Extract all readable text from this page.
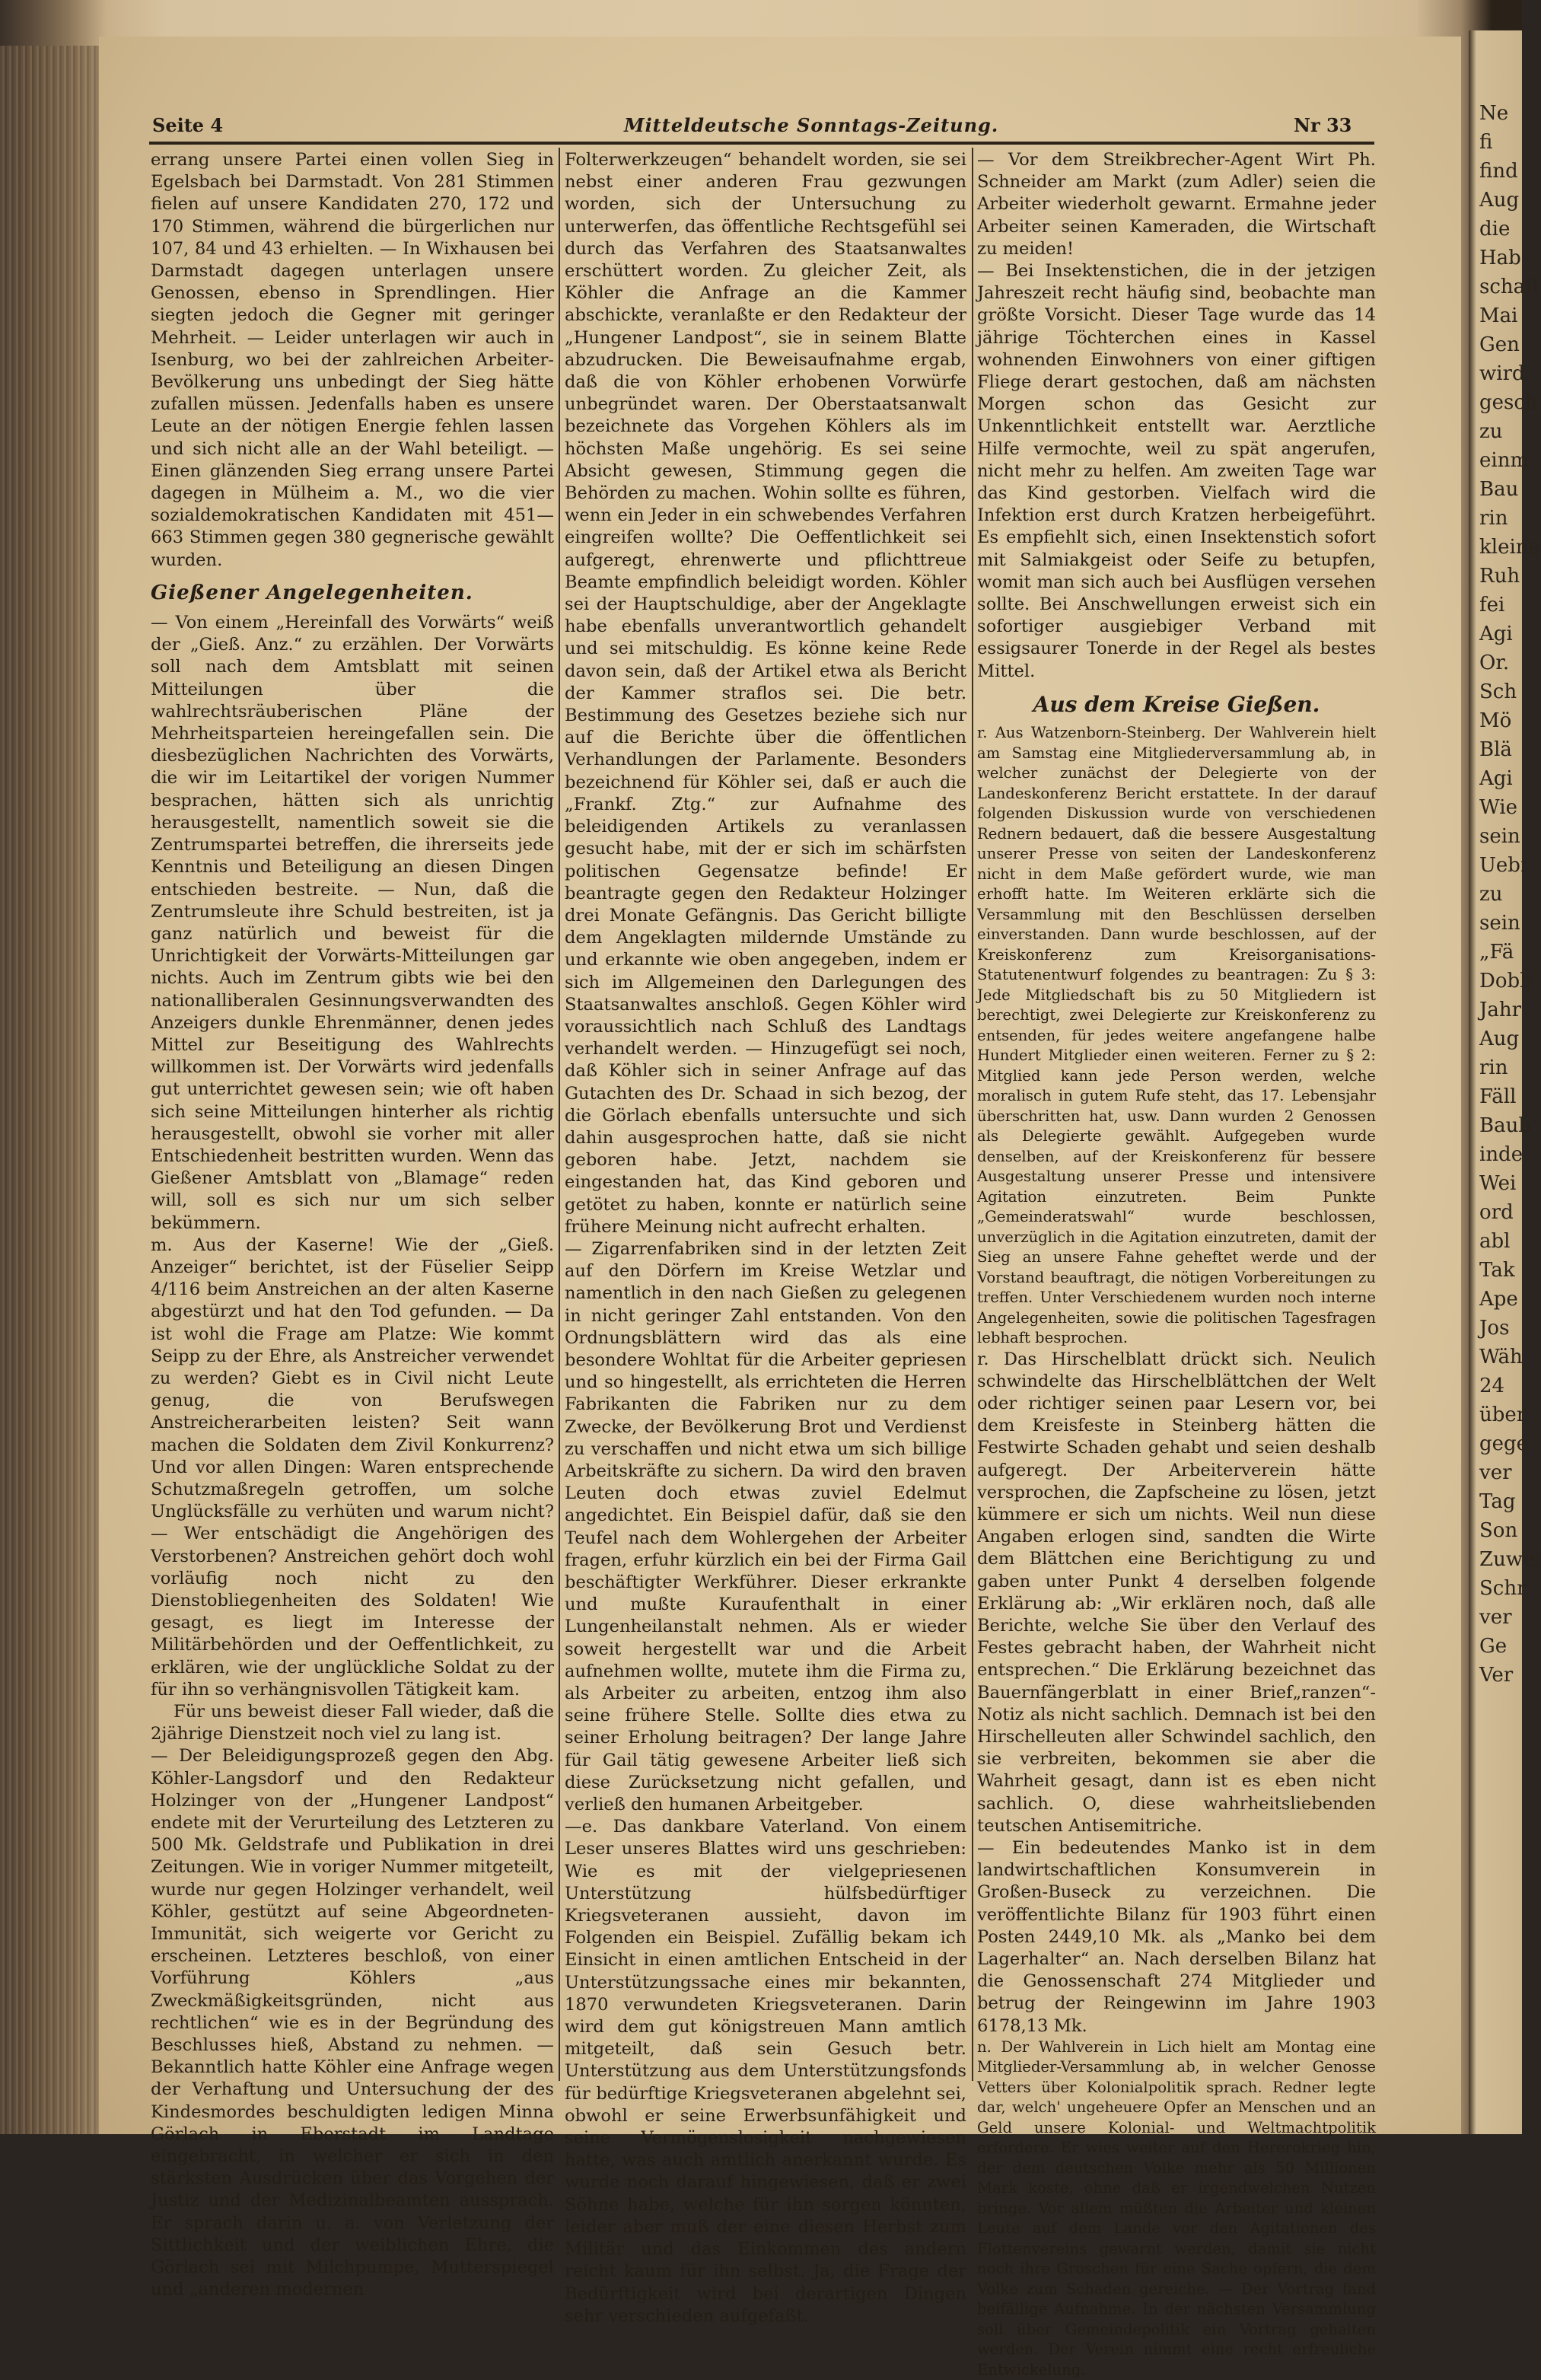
Ne
fi
find
Aug
die
Hab
schaft
Mai
Gen
wird
gesch
zu
einm
Bau
rin
kleine
Ruh
fei
Agi
Or.
Sch
Mö
Blä
Agi
Wie
sein
Uebr
zu
sein
„Fä
Dobb
Jahr
Aug
rin
Fäll
Baub
inde
Wei
ord
abl
Tak
Ape
Jos
Wäh
24
über
gege
ver
Tag
Son
Zuwei
Schr
ver
Ge
Ver
Seite 4	Mitteldeutsche Sonntags-Zeitung.	Nr 33

errang unsere Partei einen vollen Sieg in Egelsbach bei Darmstadt. Von 281 Stimmen fielen auf unsere Kandidaten 270, 172 und 170 Stimmen, während die bürgerlichen nur 107, 84 und 43 erhielten. — In Wixhausen bei Darmstadt dagegen unterlagen unsere Genossen, ebenso in Sprendlingen. Hier siegten jedoch die Gegner mit geringer Mehrheit. — Leider unterlagen wir auch in Isenburg, wo bei der zahlreichen Arbeiter-Bevölkerung uns unbedingt der Sieg hätte zufallen müssen. Jedenfalls haben es unsere Leute an der nötigen Energie fehlen lassen und sich nicht alle an der Wahl beteiligt. — Einen glänzenden Sieg errang unsere Partei dagegen in Mülheim a. M., wo die vier sozialdemokratischen Kandidaten mit 451—663 Stimmen gegen 380 gegnerische gewählt wurden.

Gießener Angelegenheiten.

— Von einem „Hereinfall des Vorwärts“ weiß der „Gieß. Anz.“ zu erzählen. Der Vorwärts soll nach dem Amtsblatt mit seinen Mitteilungen über die wahlrechtsräuberischen Pläne der Mehrheitsparteien hereingefallen sein. Die diesbezüglichen Nachrichten des Vorwärts, die wir im Leitartikel der vorigen Nummer besprachen, hätten sich als unrichtig herausgestellt, namentlich soweit sie die Zentrumspartei betreffen, die ihrerseits jede Kenntnis und Beteiligung an diesen Dingen entschieden bestreite. — Nun, daß die Zentrumsleute ihre Schuld bestreiten, ist ja ganz natürlich und beweist für die Unrichtigkeit der Vorwärts-Mitteilungen gar nichts. Auch im Zentrum gibts wie bei den nationalliberalen Gesinnungsverwandten des Anzeigers dunkle Ehrenmänner, denen jedes Mittel zur Beseitigung des Wahlrechts willkommen ist. Der Vorwärts wird jedenfalls gut unterrichtet gewesen sein; wie oft haben sich seine Mitteilungen hinterher als richtig herausgestellt, obwohl sie vorher mit aller Entschiedenheit bestritten wurden. Wenn das Gießener Amtsblatt von „Blamage“ reden will, soll es sich nur um sich selber bekümmern.

m. Aus der Kaserne! Wie der „Gieß. Anzeiger“ berichtet, ist der Füselier Seipp 4/116 beim Anstreichen an der alten Kaserne abgestürzt und hat den Tod gefunden. — Da ist wohl die Frage am Platze: Wie kommt Seipp zu der Ehre, als Anstreicher verwendet zu werden? Giebt es in Civil nicht Leute genug, die von Berufswegen Anstreicherarbeiten leisten? Seit wann machen die Soldaten dem Zivil Konkurrenz? Und vor allen Dingen: Waren entsprechende Schutzmaßregeln getroffen, um solche Unglücksfälle zu verhüten und warum nicht? — Wer entschädigt die Angehörigen des Verstorbenen? Anstreichen gehört doch wohl vorläufig noch nicht zu den Dienstobliegenheiten des Soldaten! Wie gesagt, es liegt im Interesse der Militärbehörden und der Oeffentlichkeit, zu erklären, wie der unglückliche Soldat zu der für ihn so verhängnisvollen Tätigkeit kam.

Für uns beweist dieser Fall wieder, daß die 2jährige Dienstzeit noch viel zu lang ist.

— Der Beleidigungsprozeß gegen den Abg. Köhler-Langsdorf und den Redakteur Holzinger von der „Hungener Landpost“ endete mit der Verurteilung des Letzteren zu 500 Mk. Geldstrafe und Publikation in drei Zeitungen. Wie in voriger Nummer mitgeteilt, wurde nur gegen Holzinger verhandelt, weil Köhler, gestützt auf seine Abgeordneten-Immunität, sich weigerte vor Gericht zu erscheinen. Letzteres beschloß, von einer Vorführung Köhlers „aus Zweckmäßigkeitsgründen, nicht aus rechtlichen“ wie es in der Begründung des Beschlusses hieß, Abstand zu nehmen. — Bekanntlich hatte Köhler eine Anfrage wegen der Verhaftung und Untersuchung der des Kindesmordes beschuldigten ledigen Minna Görlach in Eberstadt im Landtage eingebracht, in welcher er sich in den stärksten Ausdrücken über das Vorgehen der Justiz und der Medizinalbeamten aussprach. Er sprach darin u. a. von Verletzung der Sittlichkeit und der weiblichen Ehre, die Görlach sei mit Milchpumpe, Mutterspiegel und „anderen modernen

Folterwerkzeugen“ behandelt worden, sie sei nebst einer anderen Frau gezwungen worden, sich der Untersuchung zu unterwerfen, das öffentliche Rechtsgefühl sei durch das Verfahren des Staatsanwaltes erschüttert worden. Zu gleicher Zeit, als Köhler die Anfrage an die Kammer abschickte, veranlaßte er den Redakteur der „Hungener Landpost“, sie in seinem Blatte abzudrucken. Die Beweisaufnahme ergab, daß die von Köhler erhobenen Vorwürfe unbegründet waren. Der Oberstaatsanwalt bezeichnete das Vorgehen Köhlers als im höchsten Maße ungehörig. Es sei seine Absicht gewesen, Stimmung gegen die Behörden zu machen. Wohin sollte es führen, wenn ein Jeder in ein schwebendes Verfahren eingreifen wollte? Die Oeffentlichkeit sei aufgeregt, ehrenwerte und pflichttreue Beamte empfindlich beleidigt worden. Köhler sei der Hauptschuldige, aber der Angeklagte habe ebenfalls unverantwortlich gehandelt und sei mitschuldig. Es könne keine Rede davon sein, daß der Artikel etwa als Bericht der Kammer straflos sei. Die betr. Bestimmung des Gesetzes beziehe sich nur auf die Berichte über die öffentlichen Verhandlungen der Parlamente. Besonders bezeichnend für Köhler sei, daß er auch die „Frankf. Ztg.“ zur Aufnahme des beleidigenden Artikels zu veranlassen gesucht habe, mit der er sich im schärfsten politischen Gegensatze befinde! Er beantragte gegen den Redakteur Holzinger drei Monate Gefängnis. Das Gericht billigte dem Angeklagten mildernde Umstände zu und erkannte wie oben angegeben, indem er sich im Allgemeinen den Darlegungen des Staatsanwaltes anschloß. Gegen Köhler wird voraussichtlich nach Schluß des Landtags verhandelt werden. — Hinzugefügt sei noch, daß Köhler sich in seiner Anfrage auf das Gutachten des Dr. Schaad in sich bezog, der die Görlach ebenfalls untersuchte und sich dahin ausgesprochen hatte, daß sie nicht geboren habe. Jetzt, nachdem sie eingestanden hat, das Kind geboren und getötet zu haben, konnte er natürlich seine frühere Meinung nicht aufrecht erhalten.

— Zigarrenfabriken sind in der letzten Zeit auf den Dörfern im Kreise Wetzlar und namentlich in den nach Gießen zu gelegenen in nicht geringer Zahl entstanden. Von den Ordnungsblättern wird das als eine besondere Wohltat für die Arbeiter gepriesen und so hingestellt, als errichteten die Herren Fabrikanten die Fabriken nur zu dem Zwecke, der Bevölkerung Brot und Verdienst zu verschaffen und nicht etwa um sich billige Arbeitskräfte zu sichern. Da wird den braven Leuten doch etwas zuviel Edelmut angedichtet. Ein Beispiel dafür, daß sie den Teufel nach dem Wohlergehen der Arbeiter fragen, erfuhr kürzlich ein bei der Firma Gail beschäftigter Werkführer. Dieser erkrankte und mußte Kuraufenthalt in einer Lungenheilanstalt nehmen. Als er wieder soweit hergestellt war und die Arbeit aufnehmen wollte, mutete ihm die Firma zu, als Arbeiter zu arbeiten, entzog ihm also seine frühere Stelle. Sollte dies etwa zu seiner Erholung beitragen? Der lange Jahre für Gail tätig gewesene Arbeiter ließ sich diese Zurücksetzung nicht gefallen, und verließ den humanen Arbeitgeber.

—e. Das dankbare Vaterland. Von einem Leser unseres Blattes wird uns geschrieben: Wie es mit der vielgepriesenen Unterstützung hülfsbedürftiger Kriegsveteranen aussieht, davon im Folgenden ein Beispiel. Zufällig bekam ich Einsicht in einen amtlichen Entscheid in der Unterstützungssache eines mir bekannten, 1870 verwundeten Kriegsveteranen. Darin wird dem gut königstreuen Mann amtlich mitgeteilt, daß sein Gesuch betr. Unterstützung aus dem Unterstützungsfonds für bedürftige Kriegsveteranen abgelehnt sei, obwohl er seine Erwerbsunfähigkeit und seine Vermögenslosigkeit nachgewiesen hatte, was auch amtlich anerkannt wurde. Es wurde noch darauf hingewiesen, daß er zwei Söhne habe, welche für ihn sorgen könnten, leider aber muß der eine diesen Herbst zum Militär und das Einkommen des andern reicht kaum für ihn selbst. Ja, die Frage der Bedürftigkeit wird bei derartigen Dingen sehr verschieden aufgefaßt.

— Vor dem Streikbrecher-Agent Wirt Ph. Schneider am Markt (zum Adler) seien die Arbeiter wiederholt gewarnt. Ermahne jeder Arbeiter seinen Kameraden, die Wirtschaft zu meiden!

— Bei Insektenstichen, die in der jetzigen Jahreszeit recht häufig sind, beobachte man größte Vorsicht. Dieser Tage wurde das 14 jährige Töchterchen eines in Kassel wohnenden Einwohners von einer giftigen Fliege derart gestochen, daß am nächsten Morgen schon das Gesicht zur Unkenntlichkeit entstellt war. Aerztliche Hilfe vermochte, weil zu spät angerufen, nicht mehr zu helfen. Am zweiten Tage war das Kind gestorben. Vielfach wird die Infektion erst durch Kratzen herbeigeführt. Es empfiehlt sich, einen Insektenstich sofort mit Salmiakgeist oder Seife zu betupfen, womit man sich auch bei Ausflügen versehen sollte. Bei Anschwellungen erweist sich ein sofortiger ausgiebiger Verband mit essigsaurer Tonerde in der Regel als bestes Mittel.

Aus dem Kreise Gießen.

r. Aus Watzenborn-Steinberg. Der Wahlverein hielt am Samstag eine Mitgliederversammlung ab, in welcher zunächst der Delegierte von der Landeskonferenz Bericht erstattete. In der darauf folgenden Diskussion wurde von verschiedenen Rednern bedauert, daß die bessere Ausgestaltung unserer Presse von seiten der Landeskonferenz nicht in dem Maße gefördert wurde, wie man erhofft hatte. Im Weiteren erklärte sich die Versammlung mit den Beschlüssen derselben einverstanden. Dann wurde beschlossen, auf der Kreiskonferenz zum Kreisorganisations-Statutenentwurf folgendes zu beantragen: Zu § 3: Jede Mitgliedschaft bis zu 50 Mitgliedern ist berechtigt, zwei Delegierte zur Kreiskonferenz zu entsenden, für jedes weitere angefangene halbe Hundert Mitglieder einen weiteren. Ferner zu § 2: Mitglied kann jede Person werden, welche moralisch in gutem Rufe steht, das 17. Lebensjahr überschritten hat, usw. Dann wurden 2 Genossen als Delegierte gewählt. Aufgegeben wurde denselben, auf der Kreiskonferenz für bessere Ausgestaltung unserer Presse und intensivere Agitation einzutreten. Beim Punkte „Gemeinderatswahl“ wurde beschlossen, unverzüglich in die Agitation einzutreten, damit der Sieg an unsere Fahne geheftet werde und der Vorstand beauftragt, die nötigen Vorbereitungen zu treffen. Unter Verschiedenem wurden noch interne Angelegenheiten, sowie die politischen Tagesfragen lebhaft besprochen.

r. Das Hirschelblatt drückt sich. Neulich schwindelte das Hirschelblättchen der Welt oder richtiger seinen paar Lesern vor, bei dem Kreisfeste in Steinberg hätten die Festwirte Schaden gehabt und seien deshalb aufgeregt. Der Arbeiterverein hätte versprochen, die Zapfscheine zu lösen, jetzt kümmere er sich um nichts. Weil nun diese Angaben erlogen sind, sandten die Wirte dem Blättchen eine Berichtigung zu und gaben unter Punkt 4 derselben folgende Erklärung ab: „Wir erklären noch, daß alle Berichte, welche Sie über den Verlauf des Festes gebracht haben, der Wahrheit nicht entsprechen.“ Die Erklärung bezeichnet das Bauernfängerblatt in einer Brief„ranzen“-Notiz als nicht sachlich. Demnach ist bei den Hirschelleuten aller Schwindel sachlich, den sie verbreiten, bekommen sie aber die Wahrheit gesagt, dann ist es eben nicht sachlich. O, diese wahrheitsliebenden teutschen Antisemitriche.

— Ein bedeutendes Manko ist in dem landwirtschaftlichen Konsumverein in Großen-Buseck zu verzeichnen. Die veröffentlichte Bilanz für 1903 führt einen Posten 2449,10 Mk. als „Manko bei dem Lagerhalter“ an. Nach derselben Bilanz hat die Genossenschaft 274 Mitglieder und betrug der Reingewinn im Jahre 1903 6178,13 Mk.

n. Der Wahlverein in Lich hielt am Montag eine Mitglieder-Versammlung ab, in welcher Genosse Vetters über Kolonialpolitik sprach. Redner legte dar, welch' ungeheuere Opfer an Menschen und an Geld unsere Kolonial- und Weltmachtpolitik erfordere. Er wies weiter auf den Hererokrieg hin, der dem deutschen Volke mehr als 50 Millionen Mark koste, ohne daß er irgendwelchen Nutzen bringe. Vor allem müßten die Arbeiter und kleinen Leute auf dem Lande vor den Agitationen des Flottenvereins gewarnt werden, damit sie nicht noch ihre Groschen für eine Sache opfern, die dem Volke zum Schaden gereiche. — Der Vortrag fand beifällige Aufnahme. In der nächsten Versammlung soll über Gemeindepolitik ein Vortrag gehalten werden. Der Verein nimmt eine recht erfreuliche Entwickelung.
